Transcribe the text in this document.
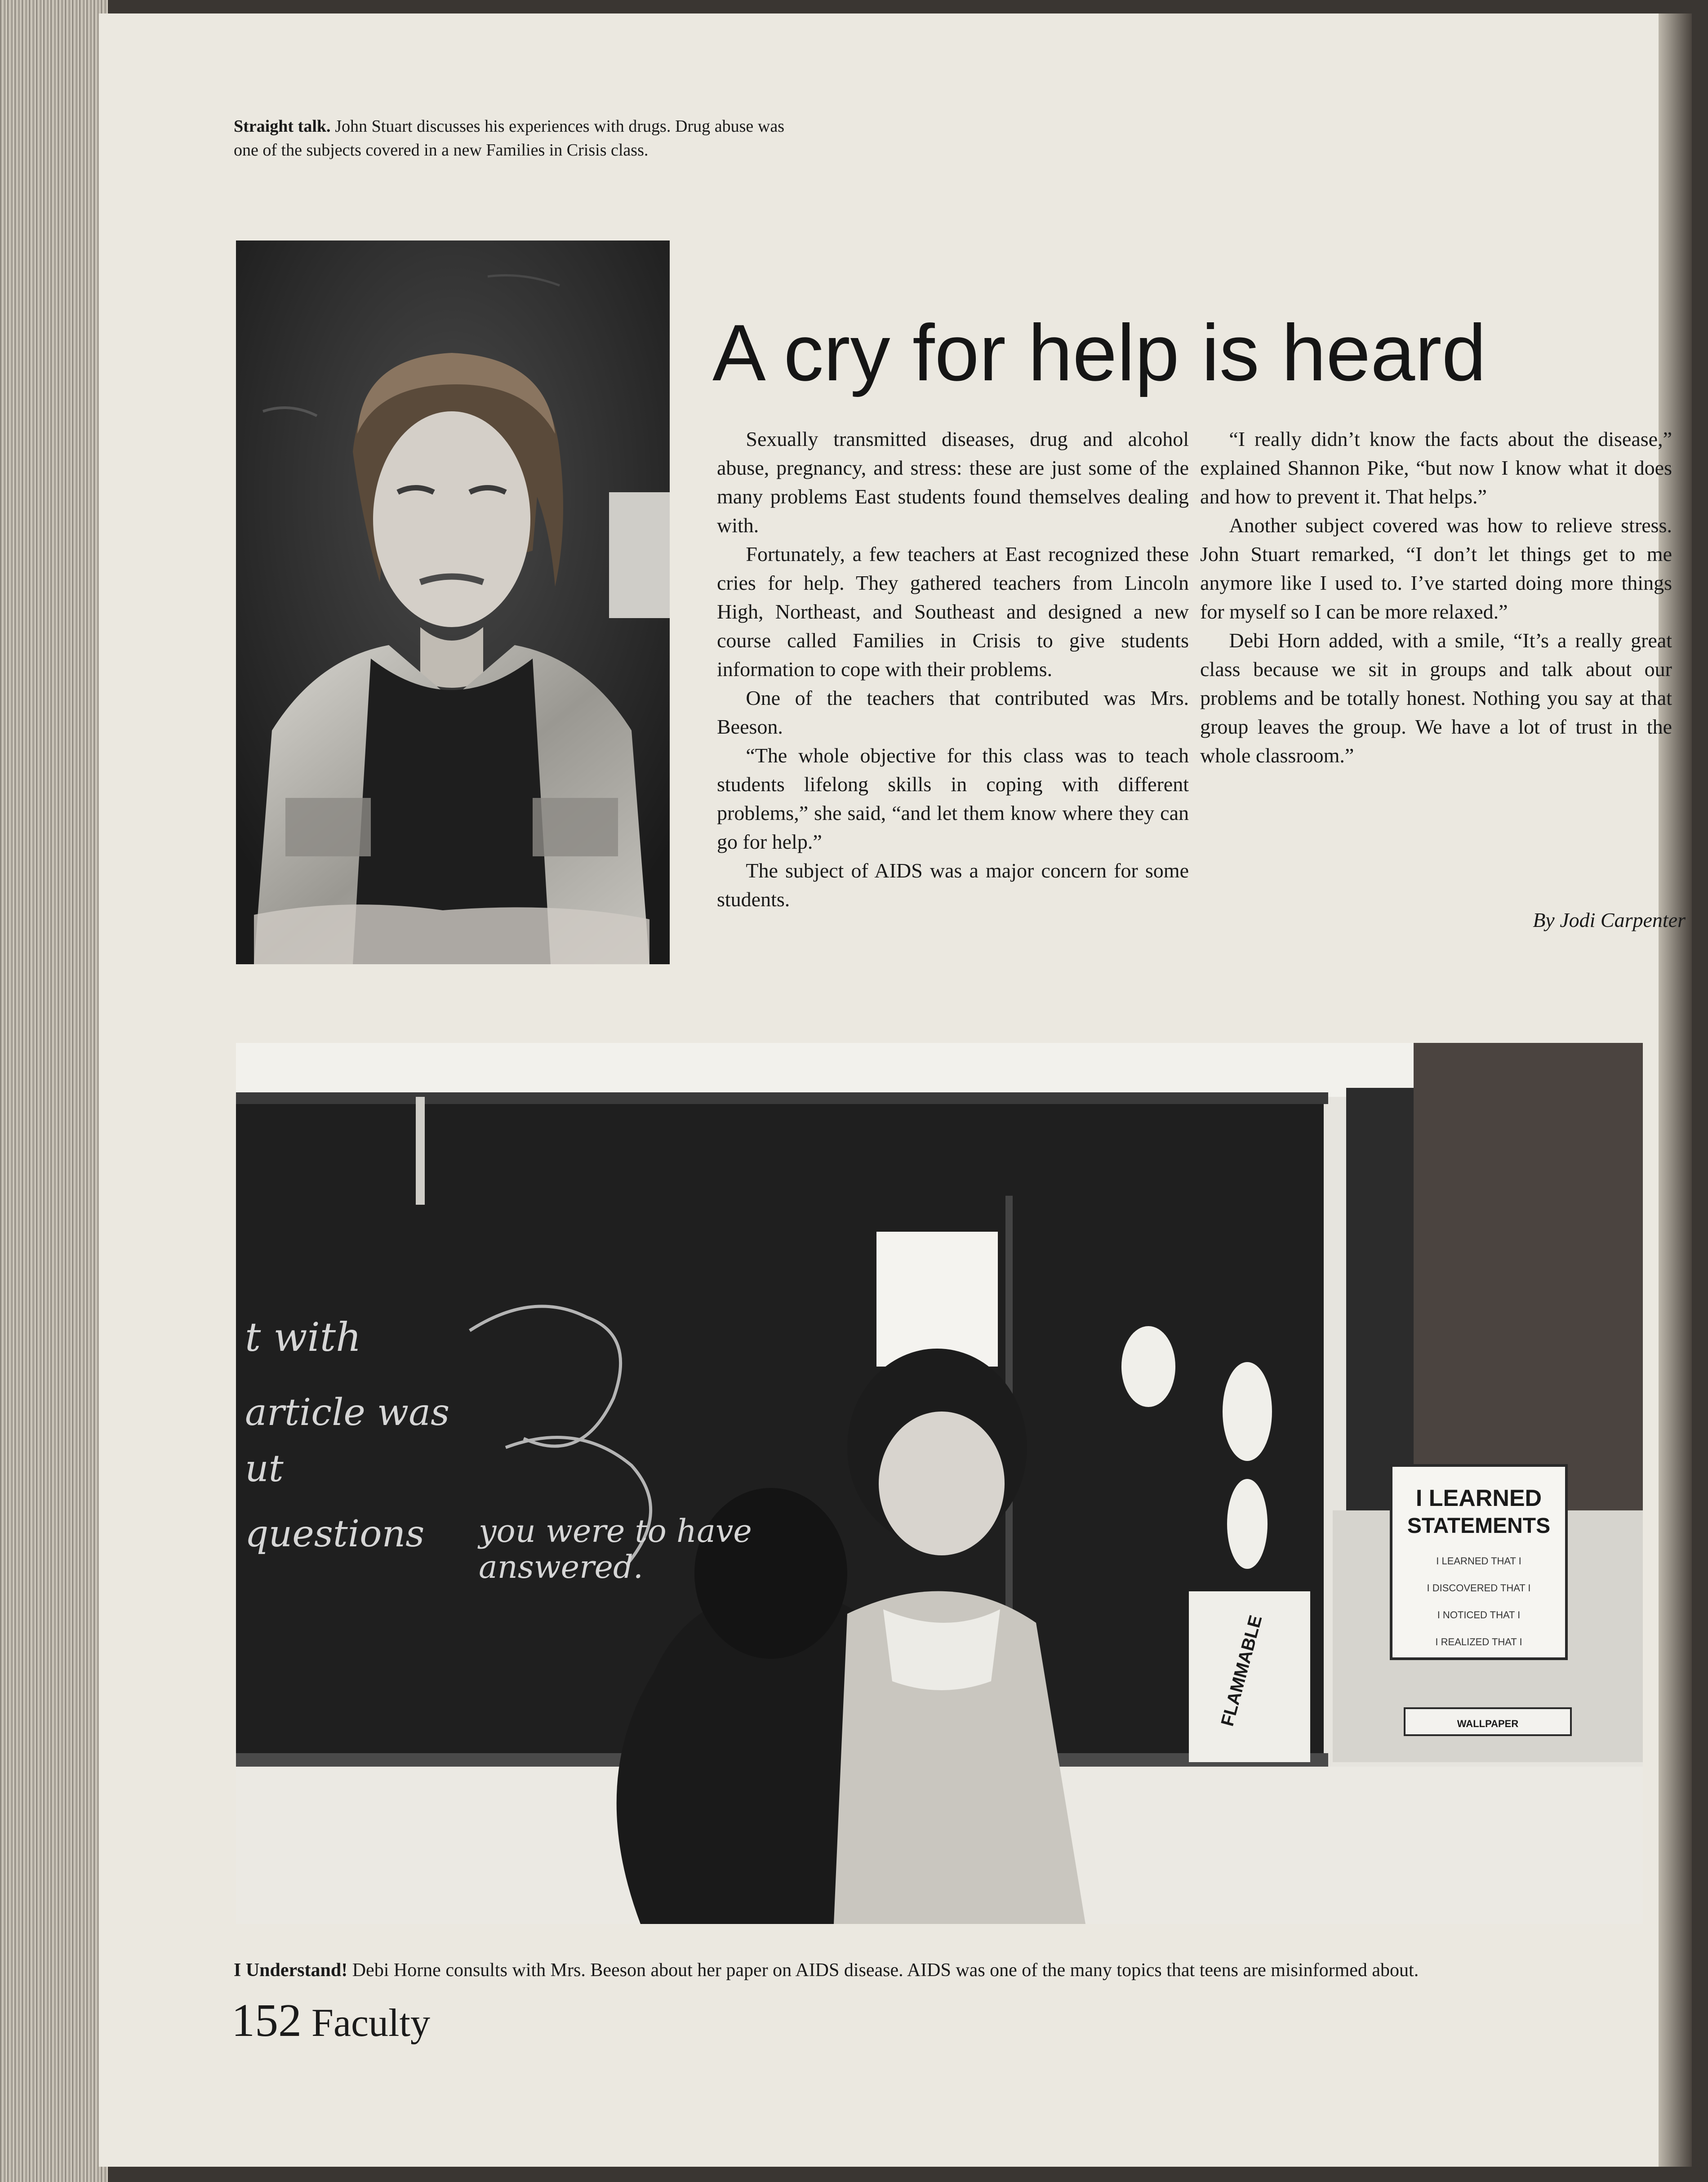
Straight talk. John Stuart discusses his experiences with drugs. Drug abuse was one of the subjects covered in a new Families in Crisis class.
A cry for help is heard

Sexually transmitted diseases, drug and alcohol abuse, pregnancy, and stress: these are just some of the many problems East students found themselves dealing with.

Fortunately, a few teachers at East recognized these cries for help. They gathered teachers from Lincoln High, Northeast, and Southeast and designed a new course called Families in Crisis to give students information to cope with their problems.

One of the teachers that contributed was Mrs. Beeson.

“The whole objective for this class was to teach students lifelong skills in coping with different problems,” she said, “and let them know where they can go for help.”

The subject of AIDS was a major concern for some students.

“I really didn’t know the facts about the disease,” explained Shannon Pike, “but now I know what it does and how to prevent it. That helps.”

Another subject covered was how to relieve stress. John Stuart remarked, “I don’t let things get to me anymore like I used to. I’ve started doing more things for myself so I can be more relaxed.”

Debi Horn added, with a smile, “It’s a really great class because we sit in groups and talk about our problems and be totally honest. Nothing you say at that group leaves the group. We have a lot of trust in the whole classroom.”

By Jodi Carpenter
t with
article was
ut
questions you were to have
answered.
I LEARNED
STATEMENTS
I LEARNED THAT I
I DISCOVERED THAT I
I NOTICED THAT I
I REALIZED THAT I
WALLPAPER
FLAMMABLE
I Understand! Debi Horne consults with Mrs. Beeson about her paper on AIDS disease. AIDS was one of the many topics that teens are misinformed about.
152 Faculty
